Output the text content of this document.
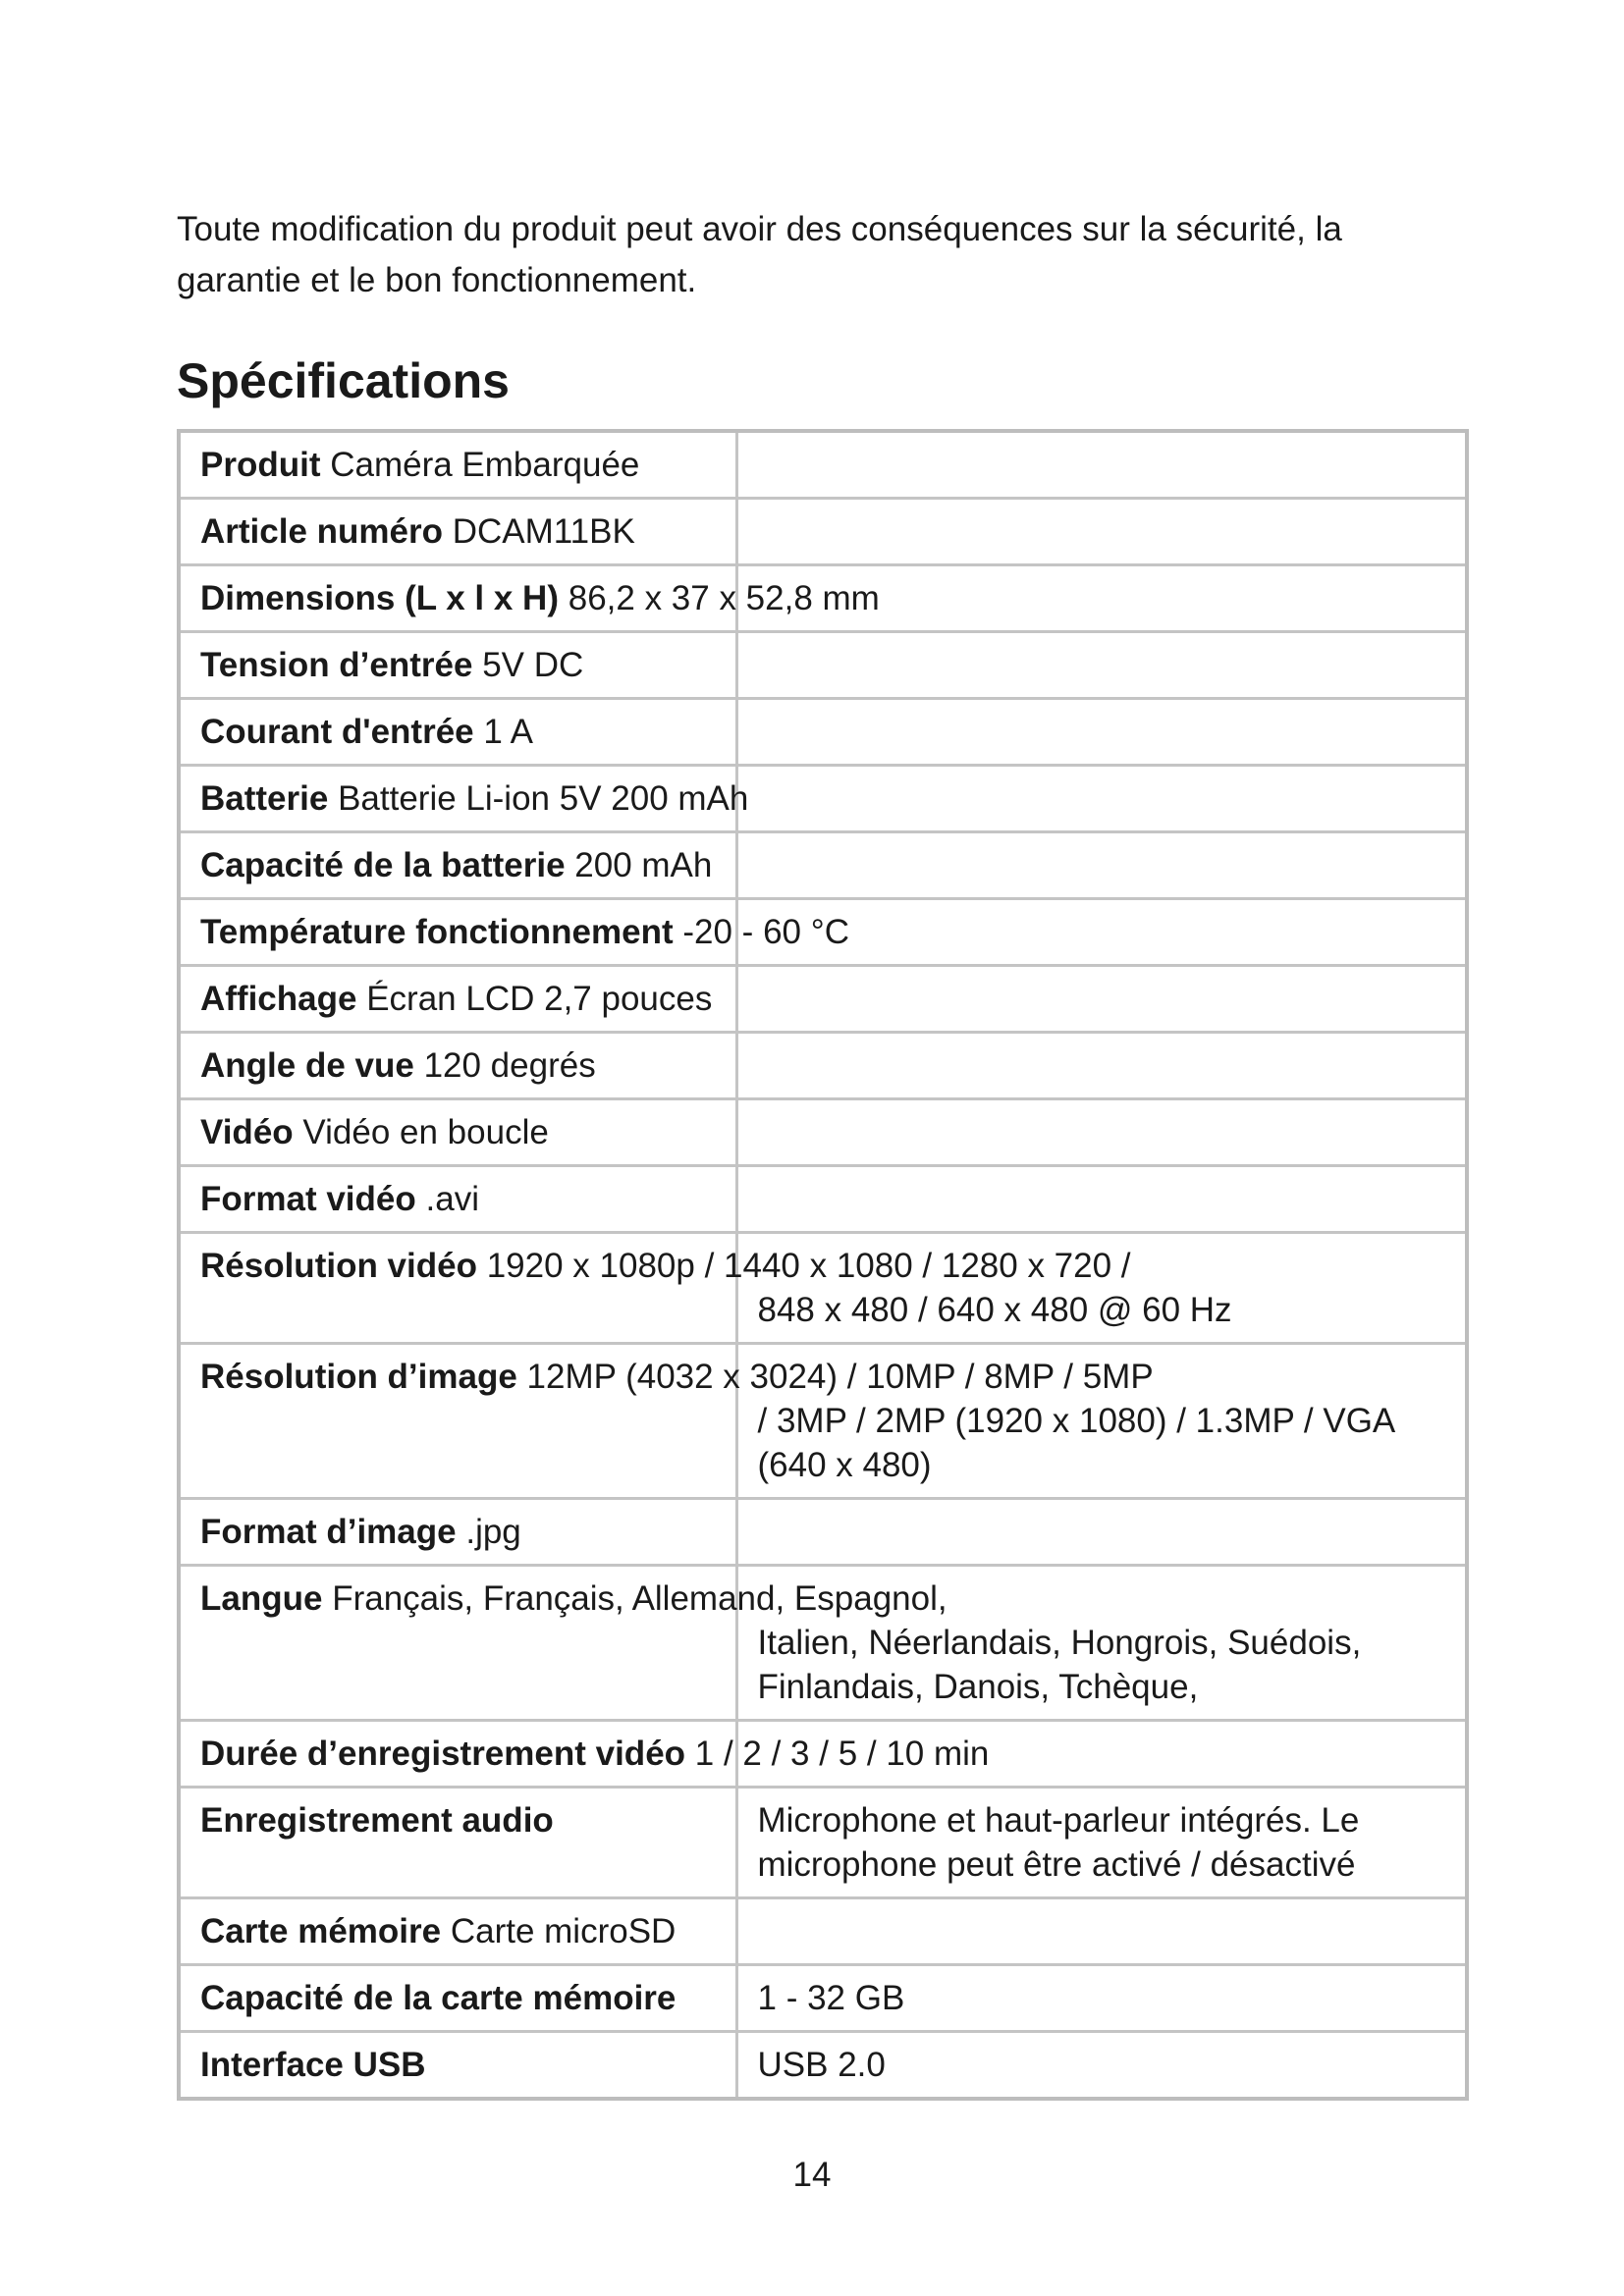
Toute modification du produit peut avoir des conséquences sur la sécurité, la garantie et le bon fonctionnement.

Spécifications
Produit Caméra Embarquée	
Article numéro DCAM11BK	
Dimensions (L x l x H) 86,2 x 37 x 52,8 mm	
Tension d’entrée 5V DC	
Courant d'entrée 1 A	
Batterie Batterie Li-ion 5V 200 mAh	
Capacité de la batterie 200 mAh	
Température fonctionnement -20 - 60 °C	
Affichage Écran LCD 2,7 pouces	
Angle de vue 120 degrés	
Vidéo Vidéo en boucle	
Format vidéo .avi	
Résolution vidéo 1920 x 1080p / 1440 x 1080 / 1280 x 720 /	848 x 480 / 640 x 480 @ 60 Hz

Résolution d’image 12MP (4032 x 3024) / 10MP / 8MP / 5MP	/ 3MP / 2MP (1920 x 1080) / 1.3MP / VGA (640 x 480)

Format d’image .jpg	
Langue Français, Français, Allemand, Espagnol,	Italien, Néerlandais, Hongrois, Suédois, Finlandais, Danois, Tchèque,

Durée d’enregistrement vidéo 1 / 2 / 3 / 5 / 10 min	
Enregistrement audio	Microphone et haut-parleur intégrés. Le microphone peut être activé / désactivé

Carte mémoire Carte microSD	
Capacité de la carte mémoire	1 - 32 GB

Interface USB	USB 2.0

14
